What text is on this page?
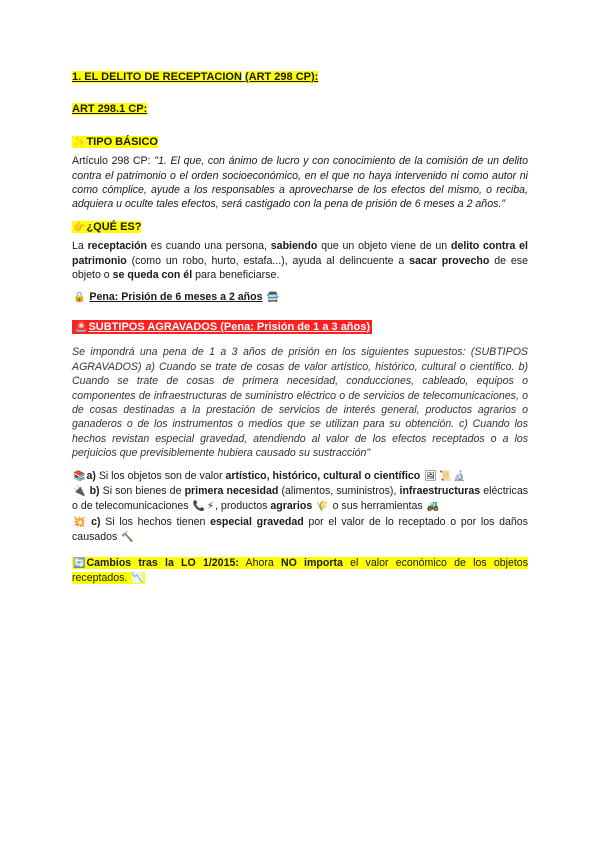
1. EL DELITO DE RECEPTACION (ART 298 CP):
ART 298.1 CP:
✨TIPO BÁSICO
Artículo 298 CP: "1. El que, con ánimo de lucro y con conocimiento de la comisión de un delito contra el patrimonio o el orden socioeconómico, en el que no haya intervenido ni como autor ni como cómplice, ayude a los responsables a aprovecharse de los efectos del mismo, o reciba, adquiera u oculte tales efectos, será castigado con la pena de prisión de 6 meses a 2 años."
👉¿QUÉ ES?
La receptación es cuando una persona, sabiendo que un objeto viene de un delito contra el patrimonio (como un robo, hurto, estafa...), ayuda al delincuente a sacar provecho de ese objeto o se queda con él para beneficiarse.
🔒 Pena: Prisión de 6 meses a 2 años 🚍
🚨SUBTIPOS AGRAVADOS (Pena: Prisión de 1 a 3 años)
Se impondrá una pena de 1 a 3 años de prisión en los siguientes supuestos: (SUBTIPOS AGRAVADOS) a) Cuando se trate de cosas de valor artístico, histórico, cultural o científico. b) Cuando se trate de cosas de primera necesidad, conducciones, cableado, equipos o componentes de infraestructuras de suministro eléctrico o de servicios de telecomunicaciones, o de cosas destinadas a la prestación de servicios de interés general, productos agrarios o ganaderos o de los instrumentos o medios que se utilizan para su obtención. c) Cuando los hechos revistan especial gravedad, atendiendo al valor de los efectos receptados o a los perjuicios que previsiblemente hubiera causado su sustracción"
📚a) Si los objetos son de valor artístico, histórico, cultural o científico 🖼 📜 🔬
🔌 b) Si son bienes de primera necesidad (alimentos, suministros), infraestructuras eléctricas o de telecomunicaciones 📞 ⚡, productos agrarios 🌾 o sus herramientas 🚜
💥 c) Si los hechos tienen especial gravedad por el valor de lo receptado o por los daños causados 🔨
🔄Cambios tras la LO 1/2015: Ahora NO importa el valor económico de los objetos receptados. 📉
